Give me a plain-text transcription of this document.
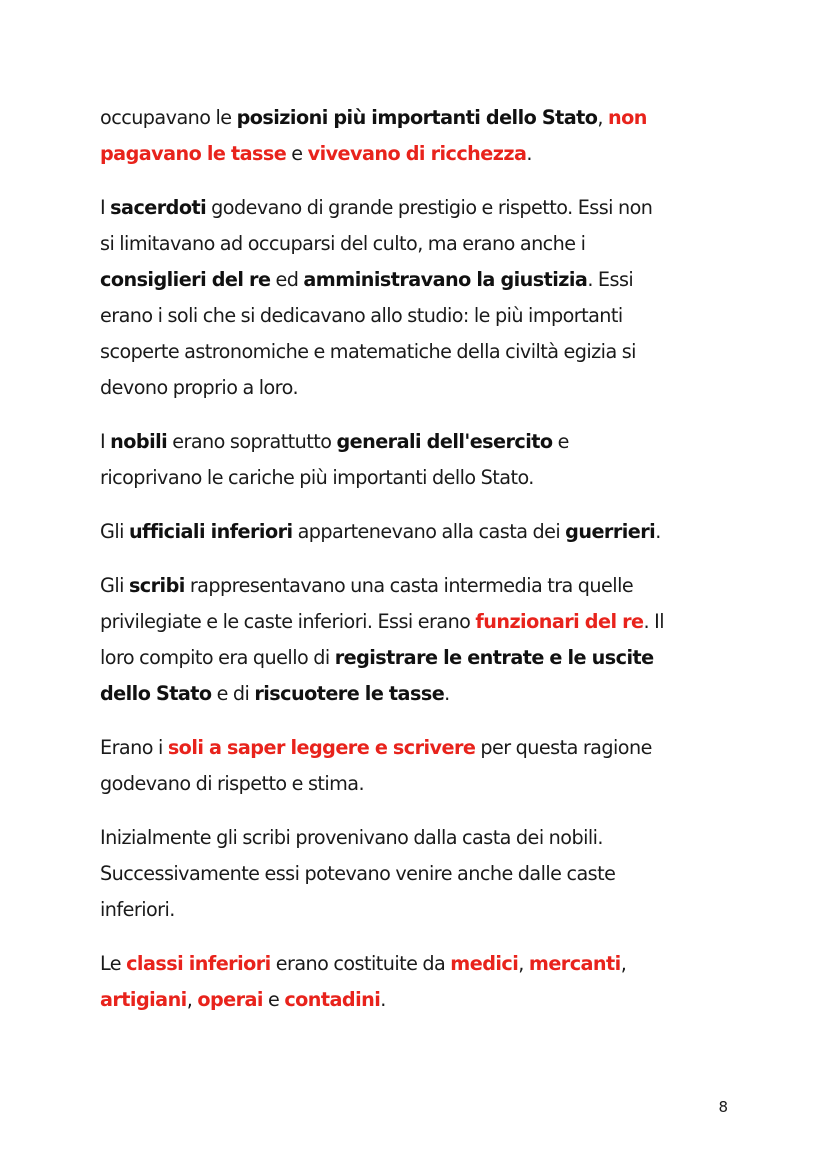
occupavano le posizioni più importanti dello Stato, non
pagavano le tasse e vivevano di ricchezza.

I sacerdoti godevano di grande prestigio e rispetto. Essi non
si limitavano ad occuparsi del culto, ma erano anche i
consiglieri del re ed amministravano la giustizia. Essi
erano i soli che si dedicavano allo studio: le più importanti
scoperte astronomiche e matematiche della civiltà egizia si
devono proprio a loro.

I nobili erano soprattutto generali dell'esercito e
ricoprivano le cariche più importanti dello Stato.

Gli ufficiali inferiori appartenevano alla casta dei guerrieri.

Gli scribi rappresentavano una casta intermedia tra quelle
privilegiate e le caste inferiori. Essi erano funzionari del re. Il
loro compito era quello di registrare le entrate e le uscite
dello Stato e di riscuotere le tasse.

Erano i soli a saper leggere e scrivere per questa ragione
godevano di rispetto e stima.

Inizialmente gli scribi provenivano dalla casta dei nobili.
Successivamente essi potevano venire anche dalle caste
inferiori.

Le classi inferiori erano costituite da medici, mercanti,
artigiani, operai e contadini.

8
